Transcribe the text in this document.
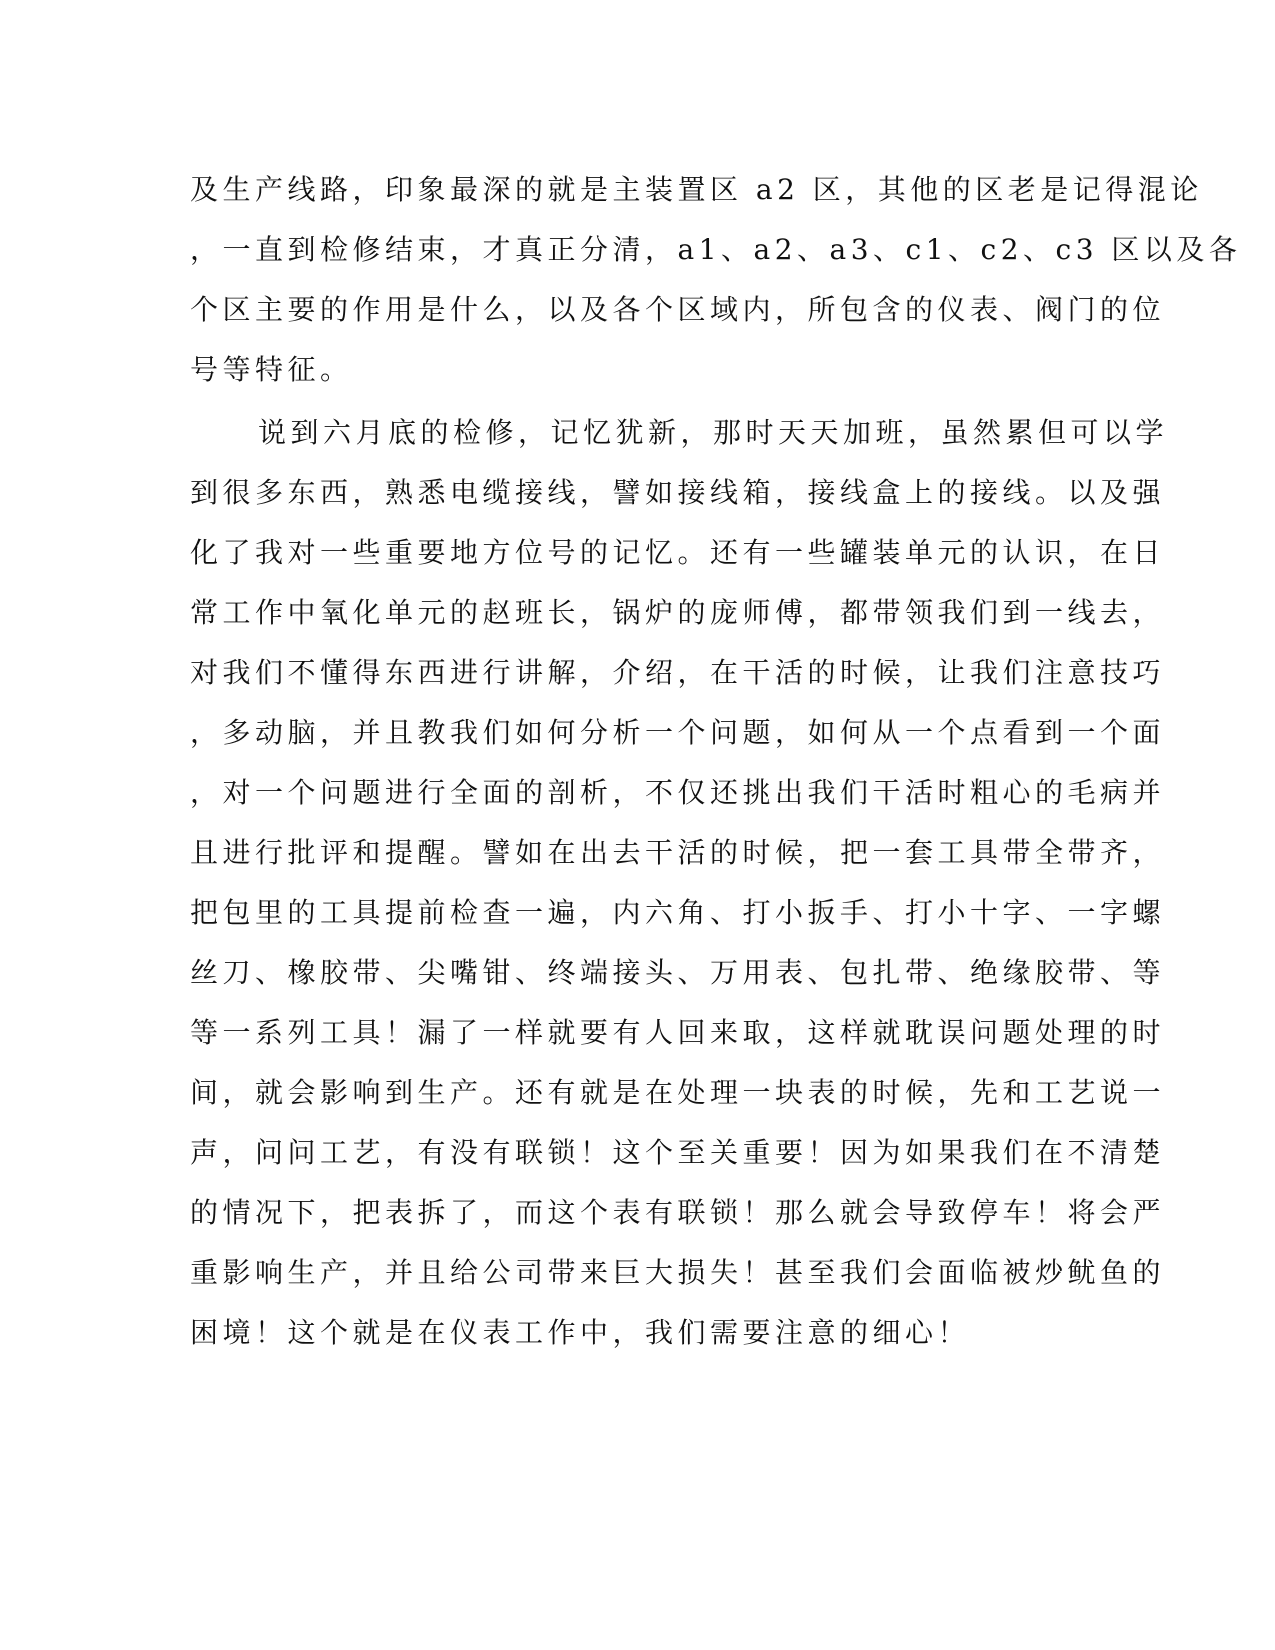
及生产线路，印象最深的就是主装置区 a2 区，其他的区老是记得混论
，一直到检修结束，才真正分清，a1、a2、a3、c1、c2、c3 区以及各
个区主要的作用是什么，以及各个区域内，所包含的仪表、阀门的位
号等特征。
说到六月底的检修，记忆犹新，那时天天加班，虽然累但可以学
到很多东西，熟悉电缆接线，譬如接线箱，接线盒上的接线。以及强
化了我对一些重要地方位号的记忆。还有一些罐装单元的认识，在日
常工作中氧化单元的赵班长，锅炉的庞师傅，都带领我们到一线去，
对我们不懂得东西进行讲解，介绍，在干活的时候，让我们注意技巧
，多动脑，并且教我们如何分析一个问题，如何从一个点看到一个面
，对一个问题进行全面的剖析，不仅还挑出我们干活时粗心的毛病并
且进行批评和提醒。譬如在出去干活的时候，把一套工具带全带齐，
把包里的工具提前检查一遍，内六角、打小扳手、打小十字、一字螺
丝刀、橡胶带、尖嘴钳、终端接头、万用表、包扎带、绝缘胶带、等
等一系列工具！漏了一样就要有人回来取，这样就耽误问题处理的时
间，就会影响到生产。还有就是在处理一块表的时候，先和工艺说一
声，问问工艺，有没有联锁！这个至关重要！因为如果我们在不清楚
的情况下，把表拆了，而这个表有联锁！那么就会导致停车！将会严
重影响生产，并且给公司带来巨大损失！甚至我们会面临被炒鱿鱼的
困境！这个就是在仪表工作中，我们需要注意的细心！
